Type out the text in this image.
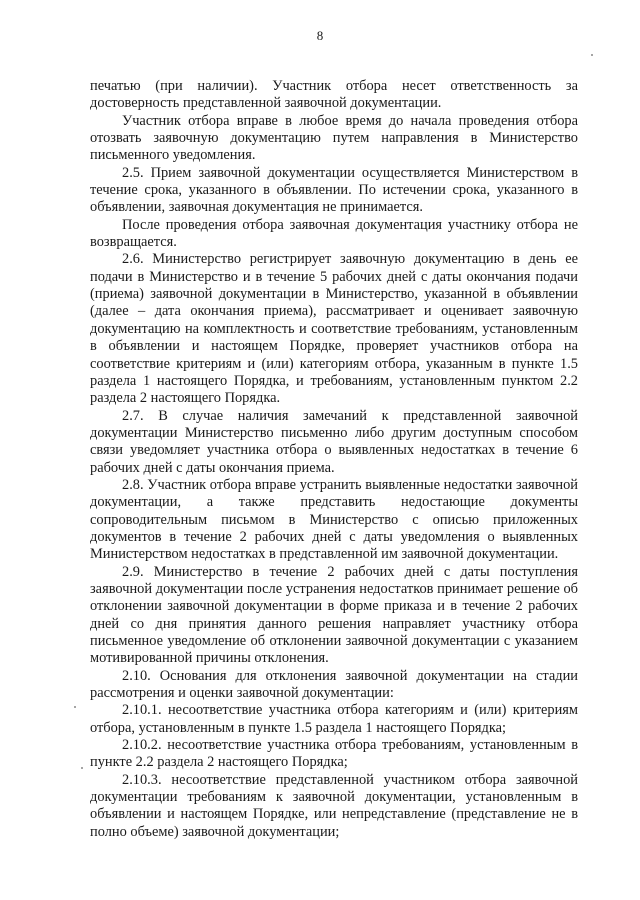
8

печатью (при наличии). Участник отбора несет ответственность за достоверность представленной заявочной документации.

Участник отбора вправе в любое время до начала проведения отбора отозвать заявочную документацию путем направления в Министерство письменного уведомления.

2.5. Прием заявочной документации осуществляется Министерством в течение срока, указанного в объявлении. По истечении срока, указанного в объявлении, заявочная документация не принимается.

После проведения отбора заявочная документация участнику отбора не возвращается.

2.6. Министерство регистрирует заявочную документацию в день ее подачи в Министерство и в течение 5 рабочих дней с даты окончания подачи (приема) заявочной документации в Министерство, указанной в объявлении (далее – дата окончания приема), рассматривает и оценивает заявочную документацию на комплектность и соответствие требованиям, установленным в объявлении и настоящем Порядке, проверяет участников отбора на соответствие критериям и (или) категориям отбора, указанным в пункте 1.5 раздела 1 настоящего Порядка, и требованиям, установленным пунктом 2.2 раздела 2 настоящего Порядка.

2.7. В случае наличия замечаний к представленной заявочной документации Министерство письменно либо другим доступным способом связи уведомляет участника отбора о выявленных недостатках в течение 6 рабочих дней с даты окончания приема.

2.8. Участник отбора вправе устранить выявленные недостатки заявочной документации, а также представить недостающие документы сопроводительным письмом в Министерство с описью приложенных документов в течение 2 рабочих дней с даты уведомления о выявленных Министерством недостатках в представленной им заявочной документации.

2.9. Министерство в течение 2 рабочих дней с даты поступления заявочной документации после устранения недостатков принимает решение об отклонении заявочной документации в форме приказа и в течение 2 рабочих дней со дня принятия данного решения направляет участнику отбора письменное уведомление об отклонении заявочной документации с указанием мотивированной причины отклонения.

2.10. Основания для отклонения заявочной документации на стадии рассмотрения и оценки заявочной документации:

2.10.1. несоответствие участника отбора категориям и (или) критериям отбора, установленным в пункте 1.5 раздела 1 настоящего Порядка;

2.10.2. несоответствие участника отбора требованиям, установленным в пункте 2.2 раздела 2 настоящего Порядка;

2.10.3. несоответствие представленной участником отбора заявочной документации требованиям к заявочной документации, установленным в объявлении и настоящем Порядке, или непредставление (представление не в полно объеме) заявочной документации;
